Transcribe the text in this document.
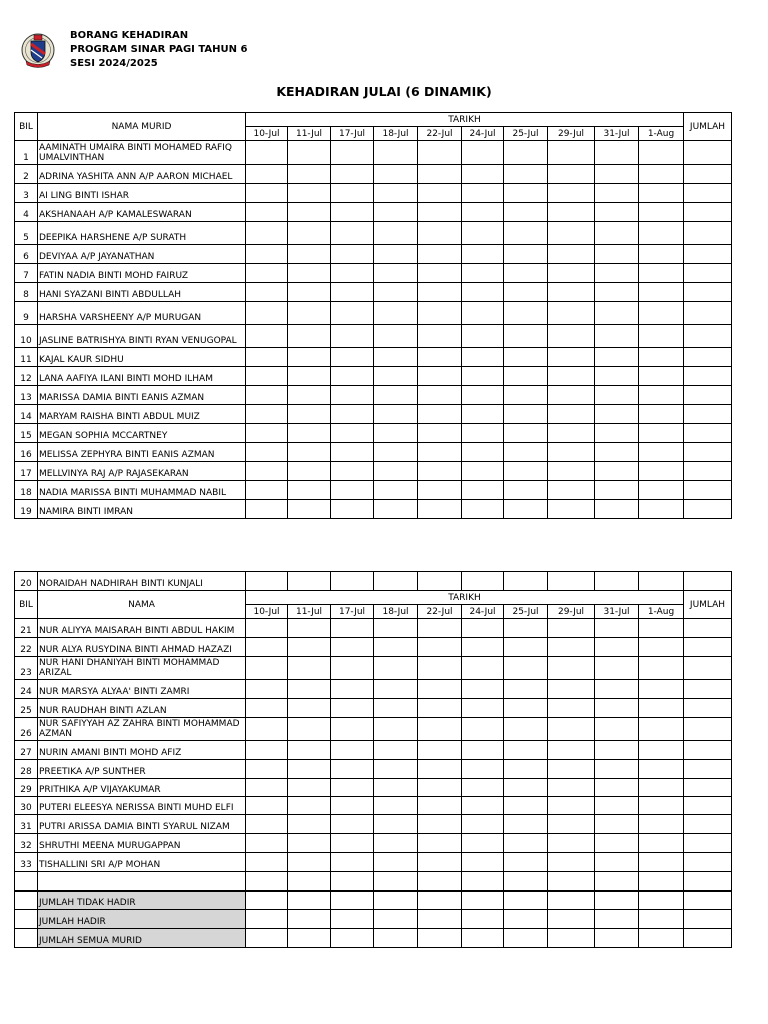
BORANG KEHADIRAN
PROGRAM SINAR PAGI TAHUN 6
SESI 2024/2025
KEHADIRAN JULAI (6 DINAMIK)
BIL	NAMA MURID	TARIKH										JUMLAH
		10-Jul	11-Jul	17-Jul	18-Jul	22-Jul	24-Jul	25-Jul	29-Jul	31-Jul	1-Aug	
1	AAMINATH UMAIRA BINTI MOHAMED RAFIQ UMALVINTHAN											
2	ADRINA YASHITA ANN A/P AARON MICHAEL											
3	AI LING BINTI ISHAR											
4	AKSHANAAH A/P KAMALESWARAN											
5	DEEPIKA HARSHENE A/P SURATH											
6	DEVIYAA A/P JAYANATHAN											
7	FATIN NADIA BINTI MOHD FAIRUZ											
8	HANI SYAZANI BINTI ABDULLAH											
9	HARSHA VARSHEENY A/P MURUGAN											
10	JASLINE BATRISHYA BINTI RYAN VENUGOPAL											
11	KAJAL KAUR SIDHU											
12	LANA AAFIYA ILANI BINTI MOHD ILHAM											
13	MARISSA DAMIA BINTI EANIS AZMAN											
14	MARYAM RAISHA BINTI ABDUL MUIZ											
15	MEGAN SOPHIA MCCARTNEY											
16	MELISSA ZEPHYRA BINTI EANIS AZMAN											
17	MELLVINYA RAJ A/P RAJASEKARAN											
18	NADIA MARISSA BINTI MUHAMMAD NABIL											
19	NAMIRA BINTI IMRAN											
20	NORAIDAH NADHIRAH BINTI KUNJALI											
BIL	NAMA	TARIKH										JUMLAH
		10-Jul	11-Jul	17-Jul	18-Jul	22-Jul	24-Jul	25-Jul	29-Jul	31-Jul	1-Aug	
21	NUR ALIYYA MAISARAH BINTI ABDUL HAKIM											
22	NUR ALYA RUSYDINA BINTI AHMAD HAZAZI											
23	NUR HANI DHANIYAH BINTI MOHAMMAD ARIZAL											
24	NUR MARSYA ALYAA' BINTI ZAMRI											
25	NUR RAUDHAH BINTI AZLAN											
26	NUR SAFIYYAH AZ ZAHRA BINTI MOHAMMAD AZMAN											
27	NURIN AMANI BINTI MOHD AFIZ											
28	PREETIKA A/P SUNTHER											
29	PRITHIKA A/P VIJAYAKUMAR											
30	PUTERI ELEESYA NERISSA BINTI MUHD ELFI											
31	PUTRI ARISSA DAMIA BINTI SYARUL NIZAM											
32	SHRUTHI MEENA MURUGAPPAN											
33	TISHALLINI SRI A/P MOHAN											

	JUMLAH TIDAK HADIR											
	JUMLAH HADIR											
	JUMLAH SEMUA MURID											
